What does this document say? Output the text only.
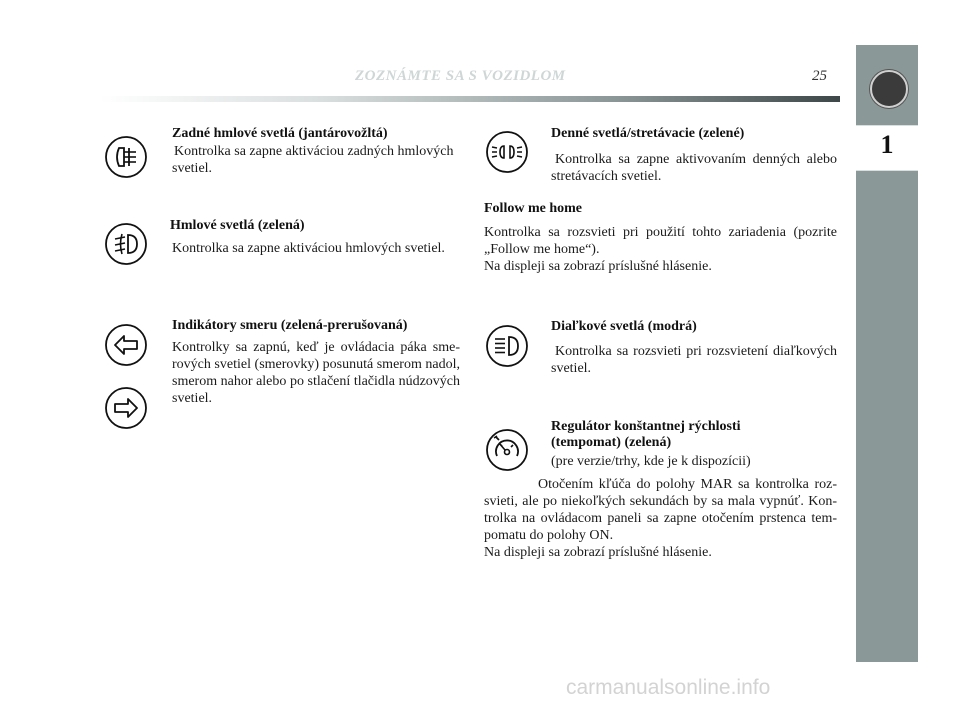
ZOZNÁMTE SA S VOZIDLOM	25
1
Zadné hmlové svetlá (jantárovožltá)
Kontrolka sa zapne aktiváciou zadných hmlových svetiel.
Hmlové svetlá (zelená)
Kontrolka sa zapne aktiváciou hmlových svetiel.
Indikátory smeru (zelená-prerušovaná)
Kontrolky sa zapnú, keď je ovládacia páka sme-rových svetiel (smerovky) posunutá smerom nadol, smerom nahor alebo po stlačení tlačidla núdzových svetiel.
Denné svetlá/stretávacie (zelené)
Kontrolka sa zapne aktivovaním denných alebo stretávacích svetiel.
Follow me home
Kontrolka sa rozsvieti pri použití tohto zariadenia (pozrite „Follow me home“).
Na displeji sa zobrazí príslušné hlásenie.
Diaľkové svetlá (modrá)
Kontrolka sa rozsvieti pri rozsvietení diaľkových svetiel.
Regulátor konštantnej rýchlosti
(tempomat) (zelená)
(pre verzie/trhy, kde je k dispozícii)
Otočením kľúča do polohy MAR sa kontrolka roz-svieti, ale po niekoľkých sekundách by sa mala vypnúť. Kon-trolka na ovládacom paneli sa zapne otočením prstenca tem-pomatu do polohy ON.
Na displeji sa zobrazí príslušné hlásenie.
carmanualsonline.info
